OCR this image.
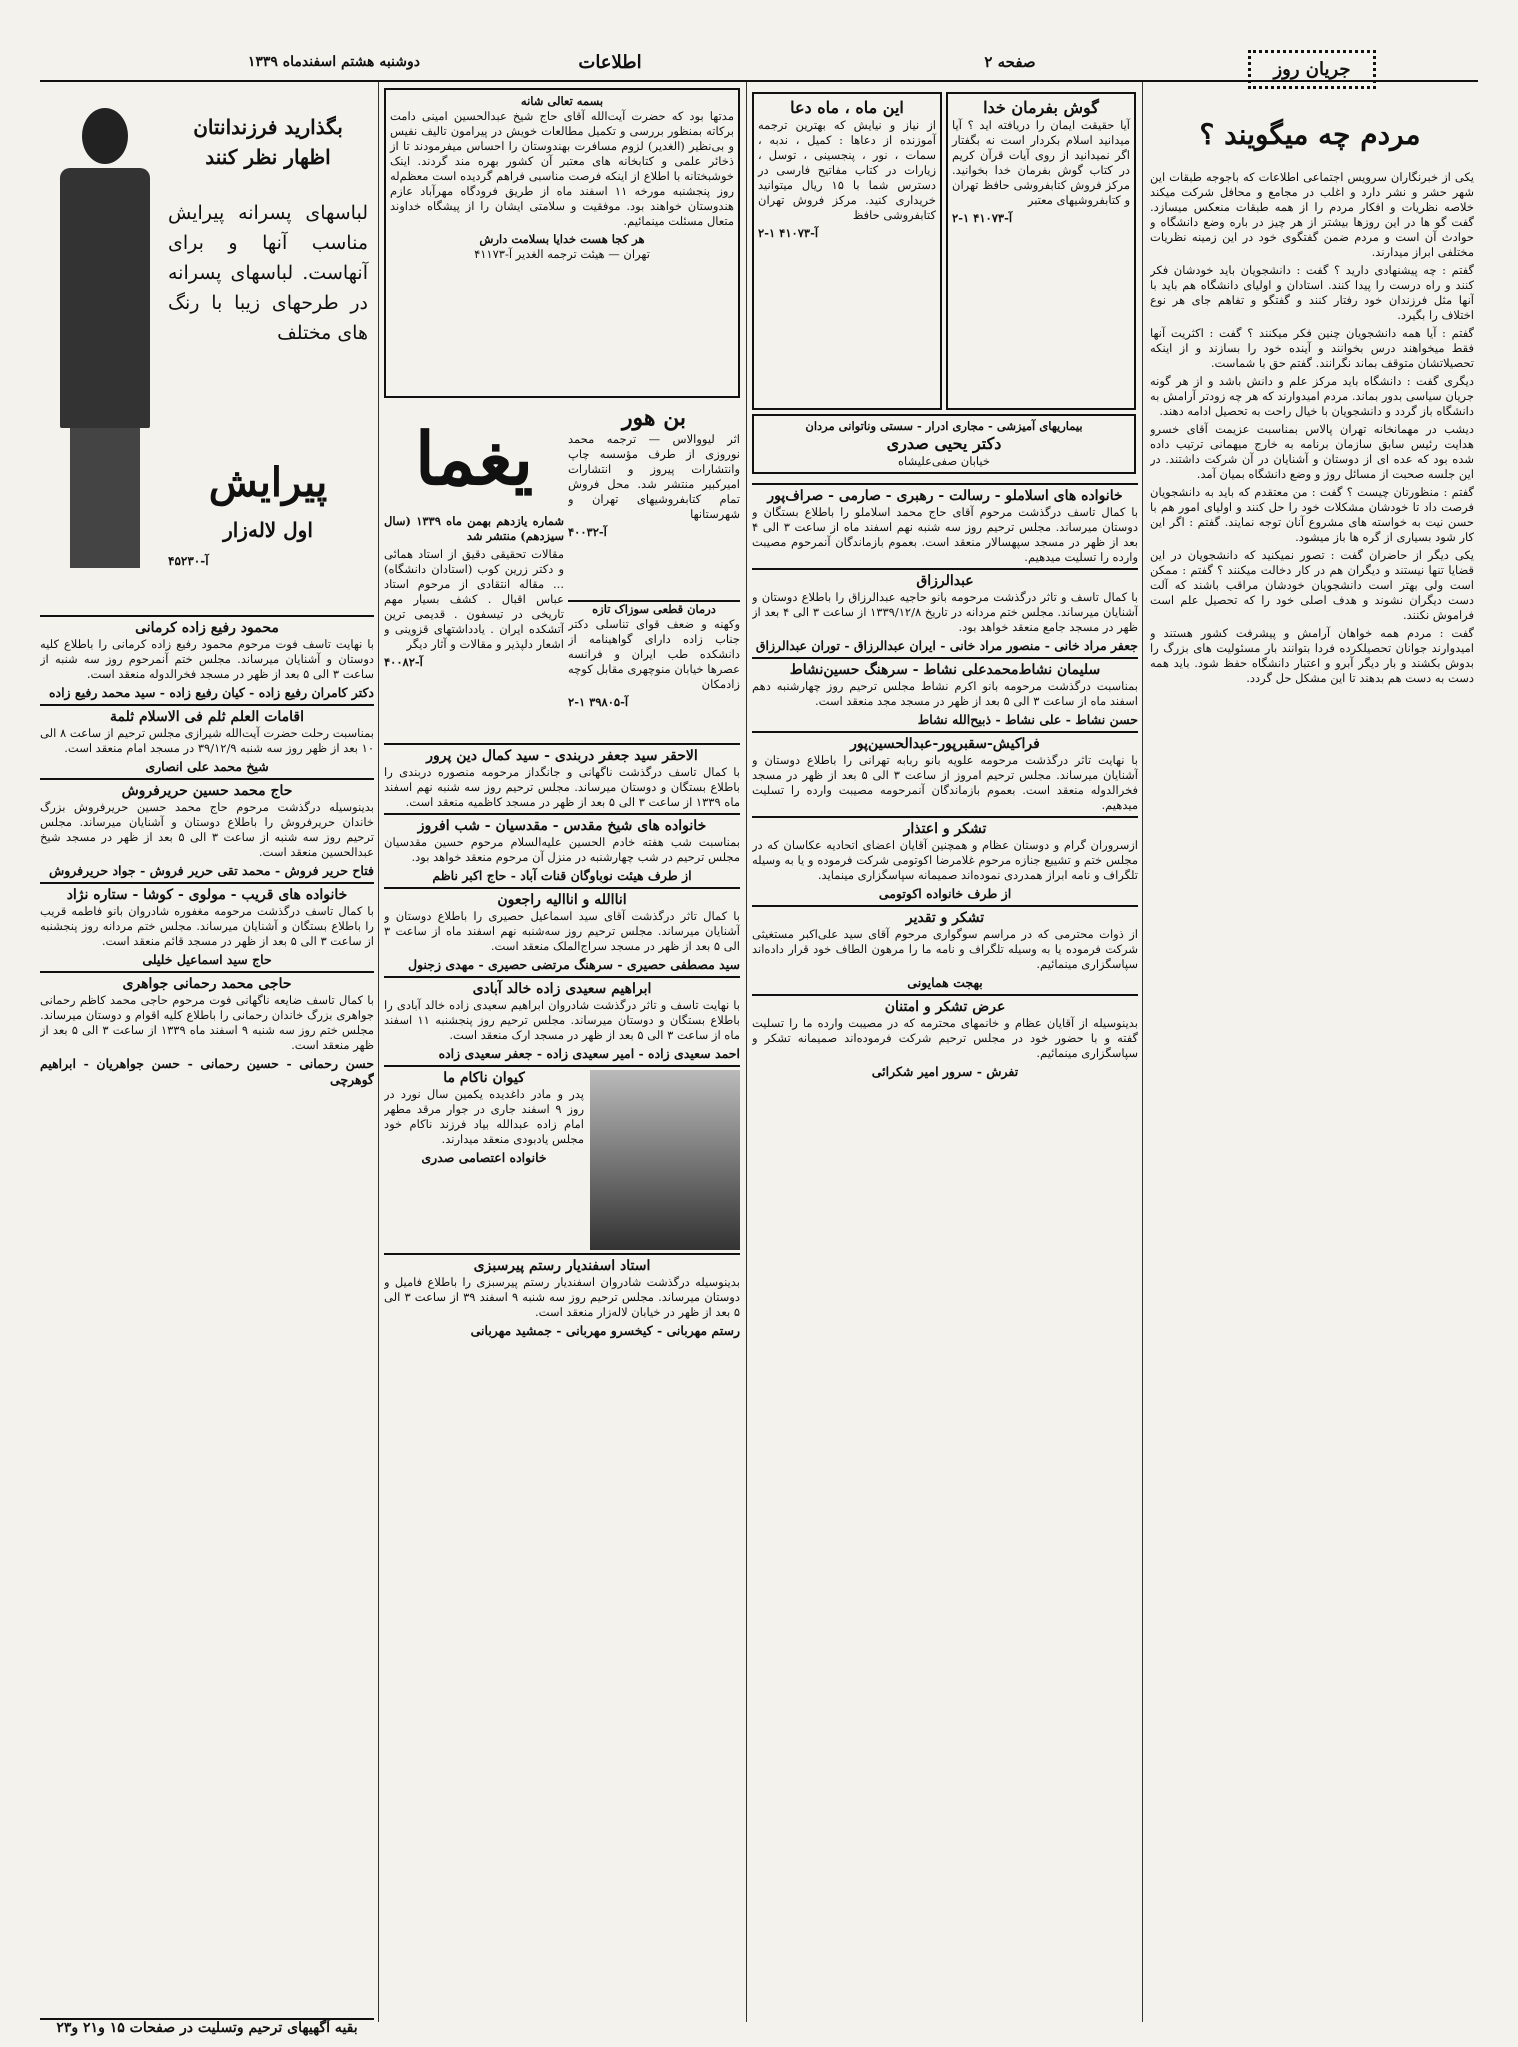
دوشنبه هشتم اسفندماه ۱۳۳۹	اطلاعات	صفحه ۲	جریان روز
مردم چه میگویند ؟

یکی از خبرنگاران سرویس اجتماعی اطلاعات که باجوجه طبقات این شهر حشر و نشر دارد و اغلب در مجامع و محافل شرکت میکند خلاصه نظریات و افکار مردم را از همه طبقات منعکس میسازد. گفت گو ها در این روزها بیشتر از هر چیز در باره وضع دانشگاه و حوادث آن است و مردم ضمن گفتگوی خود در این زمینه نظریات مختلفی ابراز میدارند.

گفتم : چه پیشنهادی دارید ؟ گفت : دانشجویان باید خودشان فکر کنند و راه درست را پیدا کنند. استادان و اولیای دانشگاه هم باید با آنها مثل فرزندان خود رفتار کنند و گفتگو و تفاهم جای هر نوع اختلاف را بگیرد.

گفتم : آیا همه دانشجویان چنین فکر میکنند ؟ گفت : اکثریت آنها فقط میخواهند درس بخوانند و آینده خود را بسازند و از اینکه تحصیلاتشان متوقف بماند نگرانند. گفتم حق با شماست.

دیگری گفت : دانشگاه باید مرکز علم و دانش باشد و از هر گونه جریان سیاسی بدور بماند. مردم امیدوارند که هر چه زودتر آرامش به دانشگاه باز گردد و دانشجویان با خیال راحت به تحصیل ادامه دهند.

دیشب در مهمانخانه تهران پالاس بمناسبت عزیمت آقای خسرو هدایت رئیس سابق سازمان برنامه به خارج میهمانی ترتیب داده شده بود که عده ای از دوستان و آشنایان در آن شرکت داشتند. در این جلسه صحبت از مسائل روز و وضع دانشگاه بمیان آمد.

گفتم : منظورتان چیست ؟ گفت : من معتقدم که باید به دانشجویان فرصت داد تا خودشان مشکلات خود را حل کنند و اولیای امور هم با حسن نیت به خواسته های مشروع آنان توجه نمایند. گفتم : اگر این کار شود بسیاری از گره ها باز میشود.

یکی دیگر از حاضران گفت : تصور نمیکنید که دانشجویان در این قضایا تنها نیستند و دیگران هم در کار دخالت میکنند ؟ گفتم : ممکن است ولی بهتر است دانشجویان خودشان مراقب باشند که آلت دست دیگران نشوند و هدف اصلی خود را که تحصیل علم است فراموش نکنند.

گفت : مردم همه خواهان آرامش و پیشرفت کشور هستند و امیدوارند جوانان تحصیلکرده فردا بتوانند بار مسئولیت های بزرگ را بدوش بکشند و بار دیگر آبرو و اعتبار دانشگاه حفظ شود. باید همه دست به دست هم بدهند تا این مشکل حل گردد.

گوش بفرمان خدا

آیا حقیقت ایمان را دریافته اید ؟ آیا میدانید اسلام بکردار است نه بگفتار اگر نمیدانید از روی آیات قرآن کریم در کتاب گوش بفرمان خدا بخوانید. مرکز فروش کتابفروشی حافظ تهران و کتابفروشیهای معتبر

آ-۴۱۰۷۳ ۱-۲
این ماه ، ماه دعا

از نیاز و نیایش که بهترین ترجمه آموزنده از دعاها : کمیل ، ندبه ، سمات ، نور ، پنجسینی ، توسل ، زیارات در کتاب مفاتیح فارسی در دسترس شما با ۱۵ ریال میتوانید خریداری کنید. مرکز فروش تهران کتابفروشی حافظ

آ-۴۱۰۷۳ ۱-۲
بیماریهای آمیزشی - مجاری ادرار - سستی وناتوانی مردان
دکتر یحیی صدری
خیابان صفی‌علیشاه
خانواده های اسلاملو - رسالت - رهبری - صارمی - صراف‌پور

با کمال تاسف درگذشت مرحوم آقای حاج محمد اسلاملو را باطلاع بستگان و دوستان میرساند. مجلس ترحیم روز سه شنبه نهم اسفند ماه از ساعت ۳ الی ۴ بعد از ظهر در مسجد سپهسالار منعقد است. بعموم بازماندگان آنمرحوم مصیبت وارده را تسلیت میدهیم.

عبدالرزاق

با کمال تاسف و تاثر درگذشت مرحومه بانو حاجیه عبدالرزاق را باطلاع دوستان و آشنایان میرساند. مجلس ختم مردانه در تاریخ ۱۳۳۹/۱۲/۸ از ساعت ۳ الی ۴ بعد از ظهر در مسجد جامع منعقد خواهد بود.

جعفر مراد خانی - منصور مراد خانی - ایران عبدالرزاق - توران عبدالرزاق
سلیمان نشاط‌محمدعلی نشاط - سرهنگ حسین‌نشاط

بمناسبت درگذشت مرحومه بانو اکرم نشاط مجلس ترحیم روز چهارشنبه دهم اسفند ماه از ساعت ۳ الی ۵ بعد از ظهر در مسجد مجد منعقد است.

حسن نشاط - علی نشاط - ذبیح‌الله نشاط
فراکیش-سقبرپور-عبدالحسین‌پور

با نهایت تاثر درگذشت مرحومه علویه بانو ربابه تهرانی را باطلاع دوستان و آشنایان میرساند. مجلس ترحیم امروز از ساعت ۳ الی ۵ بعد از ظهر در مسجد فخرالدوله منعقد است. بعموم بازماندگان آنمرحومه مصیبت وارده را تسلیت میدهیم.

تشکر و اعتذار

ازسروران گرام و دوستان عظام و همچنین آقایان اعضای اتحادیه عکاسان که در مجلس ختم و تشییع جنازه مرحوم غلامرضا اکوتومی شرکت فرموده و یا به وسیله تلگراف و نامه ابراز همدردی نموده‌اند صمیمانه سپاسگزاری مینماید.

از طرف خانواده اکوتومی
تشکر و تقدیر

از ذوات محترمی که در مراسم سوگواری مرحوم آقای سید علی‌اکبر مستغیثی شرکت فرموده یا به وسیله تلگراف و نامه ما را مرهون الطاف خود قرار داده‌اند سپاسگزاری مینمائیم.

بهجت همایونی
عرض تشکر و امتنان

بدینوسیله از آقایان عظام و خانمهای محترمه که در مصیبت وارده ما را تسلیت گفته و با حضور خود در مجلس ترحیم شرکت فرموده‌اند صمیمانه تشکر و سپاسگزاری مینمائیم.

تفرش - سرور امیر شکرائی
بسمه تعالی شانه

مدتها بود که حضرت آیت‌الله آقای حاج شیخ عبدالحسین امینی دامت برکاته بمنظور بررسی و تکمیل مطالعات خویش در پیرامون تالیف نفیس و بی‌نظیر (الغدیر) لزوم مسافرت بهندوستان را احساس میفرمودند تا از ذخائر علمی و کتابخانه های معتبر آن کشور بهره مند گردند. اینک خوشبختانه با اطلاع از اینکه فرصت مناسبی فراهم گردیده است معظم‌له روز پنجشنبه مورخه ۱۱ اسفند ماه از طریق فرودگاه مهرآباد عازم هندوستان خواهند بود. موفقیت و سلامتی ایشان را از پیشگاه خداوند متعال مسئلت مینمائیم.

هر کجا هست خدایا بسلامت دارش
تهران — هیئت ترجمه الغدیر آ-۴۱۱۷۳
یغما

شماره یازدهم بهمن ماه ۱۳۳۹ (سال سیزدهم) منتشر شد

مقالات تحقیقی دقیق از استاد همائی و دکتر زرین کوب (استادان دانشگاه) ... مقاله انتقادی از مرحوم استاد عباس اقبال . کشف بسیار مهم تاریخی در تیسفون . قدیمی ترین آتشکده ایران . یادداشتهای قزوینی و اشعار دلپذیر و مقالات و آثار دیگر

آ-۴۰۰۸۲
بن هور

اثر لیووالاس — ترجمه محمد نوروزی از طرف مؤسسه چاپ وانتشارات پیروز و انتشارات امیرکبیر منتشر شد. محل فروش تمام کتابفروشیهای تهران و شهرستانها

آ-۴۰۰۳۲
درمان قطعی سوزاک تازه

وکهنه و ضعف قوای تناسلی دکتر جناب زاده دارای گواهینامه از دانشکده طب ایران و فرانسه عصرها خیابان منوچهری مقابل کوچه زادمکان

آ-۳۹۸۰۵ ۱-۲
الاحقر سید جعفر دربندی - سید کمال دین پرور

با کمال تاسف درگذشت ناگهانی و جانگداز مرحومه منصوره دربندی را باطلاع بستگان و دوستان میرساند. مجلس ترحیم روز سه شنبه نهم اسفند ماه ۱۳۳۹ از ساعت ۳ الی ۵ بعد از ظهر در مسجد کاظمیه منعقد است.

خانواده های شیخ مقدس - مقدسیان - شب افروز

بمناسبت شب هفته خادم الحسین علیه‌السلام مرحوم حسین مقدسیان مجلس ترحیم در شب چهارشنبه در منزل آن مرحوم منعقد خواهد بود.

از طرف هیئت نوباوگان قنات آباد - حاج اکبر ناظم
اناالله و اناالیه راجعون

با کمال تاثر درگذشت آقای سید اسماعیل حصیری را باطلاع دوستان و آشنایان میرساند. مجلس ترحیم روز سه‌شنبه نهم اسفند ماه از ساعت ۳ الی ۵ بعد از ظهر در مسجد سراج‌الملک منعقد است.

سید مصطفی حصیری - سرهنگ مرتضی حصیری - مهدی زجنول
ابراهیم سعیدی زاده خالد آبادی

با نهایت تاسف و تاثر درگذشت شادروان ابراهیم سعیدی زاده خالد آبادی را باطلاع بستگان و دوستان میرساند. مجلس ترحیم روز پنجشنبه ۱۱ اسفند ماه از ساعت ۳ الی ۵ بعد از ظهر در مسجد ارک منعقد است.

احمد سعیدی زاده - امیر سعیدی زاده - جعفر سعیدی زاده
کیوان ناکام ما

پدر و مادر داغدیده یکمین سال نورد در روز ۹ اسفند جاری در جوار مرقد مطهر امام زاده عبدالله بیاد فرزند ناکام خود مجلس یادبودی منعقد میدارند.

خانواده اعتصامی صدری
استاد اسفندیار رستم پیرسبزی

بدینوسیله درگذشت شادروان اسفندیار رستم پیرسبزی را باطلاع فامیل و دوستان میرساند. مجلس ترحیم روز سه شنبه ۹ اسفند ۳۹ از ساعت ۳ الی ۵ بعد از ظهر در خیابان لاله‌زار منعقد است.

رستم مهربانی - کیخسرو مهربانی - جمشید مهربانی
بگذارید فرزندانتان اظهار نظر کنند
لباسهای پسرانه پیرایش مناسب آنها و برای آنهاست. لباسهای پسرانه در طرحهای زیبا با رنگ های مختلف
پیرایش
اول لاله‌زار
آ-۴۵۲۳۰
محمود رفیع زاده کرمانی

با نهایت تاسف فوت مرحوم محمود رفیع زاده کرمانی را باطلاع کلیه دوستان و آشنایان میرساند. مجلس ختم آنمرحوم روز سه شنبه از ساعت ۳ الی ۵ بعد از ظهر در مسجد فخرالدوله منعقد است.

دکتر کامران رفیع زاده - کیان رفیع زاده - سید محمد رفیع زاده
اقامات العلم ثلم فی الاسلام ثلمة

بمناسبت رحلت حضرت آیت‌الله شیرازی مجلس ترحیم از ساعت ۸ الی ۱۰ بعد از ظهر روز سه شنبه ۳۹/۱۲/۹ در مسجد امام منعقد است.

شیخ محمد علی انصاری
حاج محمد حسین حریرفروش

بدینوسیله درگذشت مرحوم حاج محمد حسین حریرفروش بزرگ خاندان حریرفروش را باطلاع دوستان و آشنایان میرساند. مجلس ترحیم روز سه شنبه از ساعت ۳ الی ۵ بعد از ظهر در مسجد شیخ عبدالحسین منعقد است.

فتاح حریر فروش - محمد تقی حریر فروش - جواد حریرفروش
خانواده های قریب - مولوی - کوشا - ستاره نژاد

با کمال تاسف درگذشت مرحومه مغفوره شادروان بانو فاطمه قریب را باطلاع بستگان و آشنایان میرساند. مجلس ختم مردانه روز پنجشنبه از ساعت ۳ الی ۵ بعد از ظهر در مسجد قائم منعقد است.

حاج سید اسماعیل خلیلی
حاجی محمد رحمانی جواهری

با کمال تاسف ضایعه ناگهانی فوت مرحوم حاجی محمد کاظم رحمانی جواهری بزرگ خاندان رحمانی را باطلاع کلیه اقوام و دوستان میرساند. مجلس ختم روز سه شنبه ۹ اسفند ماه ۱۳۳۹ از ساعت ۳ الی ۵ بعد از ظهر منعقد است.

حسن رحمانی - حسین رحمانی - حسن جواهریان - ابراهیم گوهرچی
بقیه آگهیهای ترحیم وتسلیت در صفحات ۱۵ و۲۱ و۲۳
